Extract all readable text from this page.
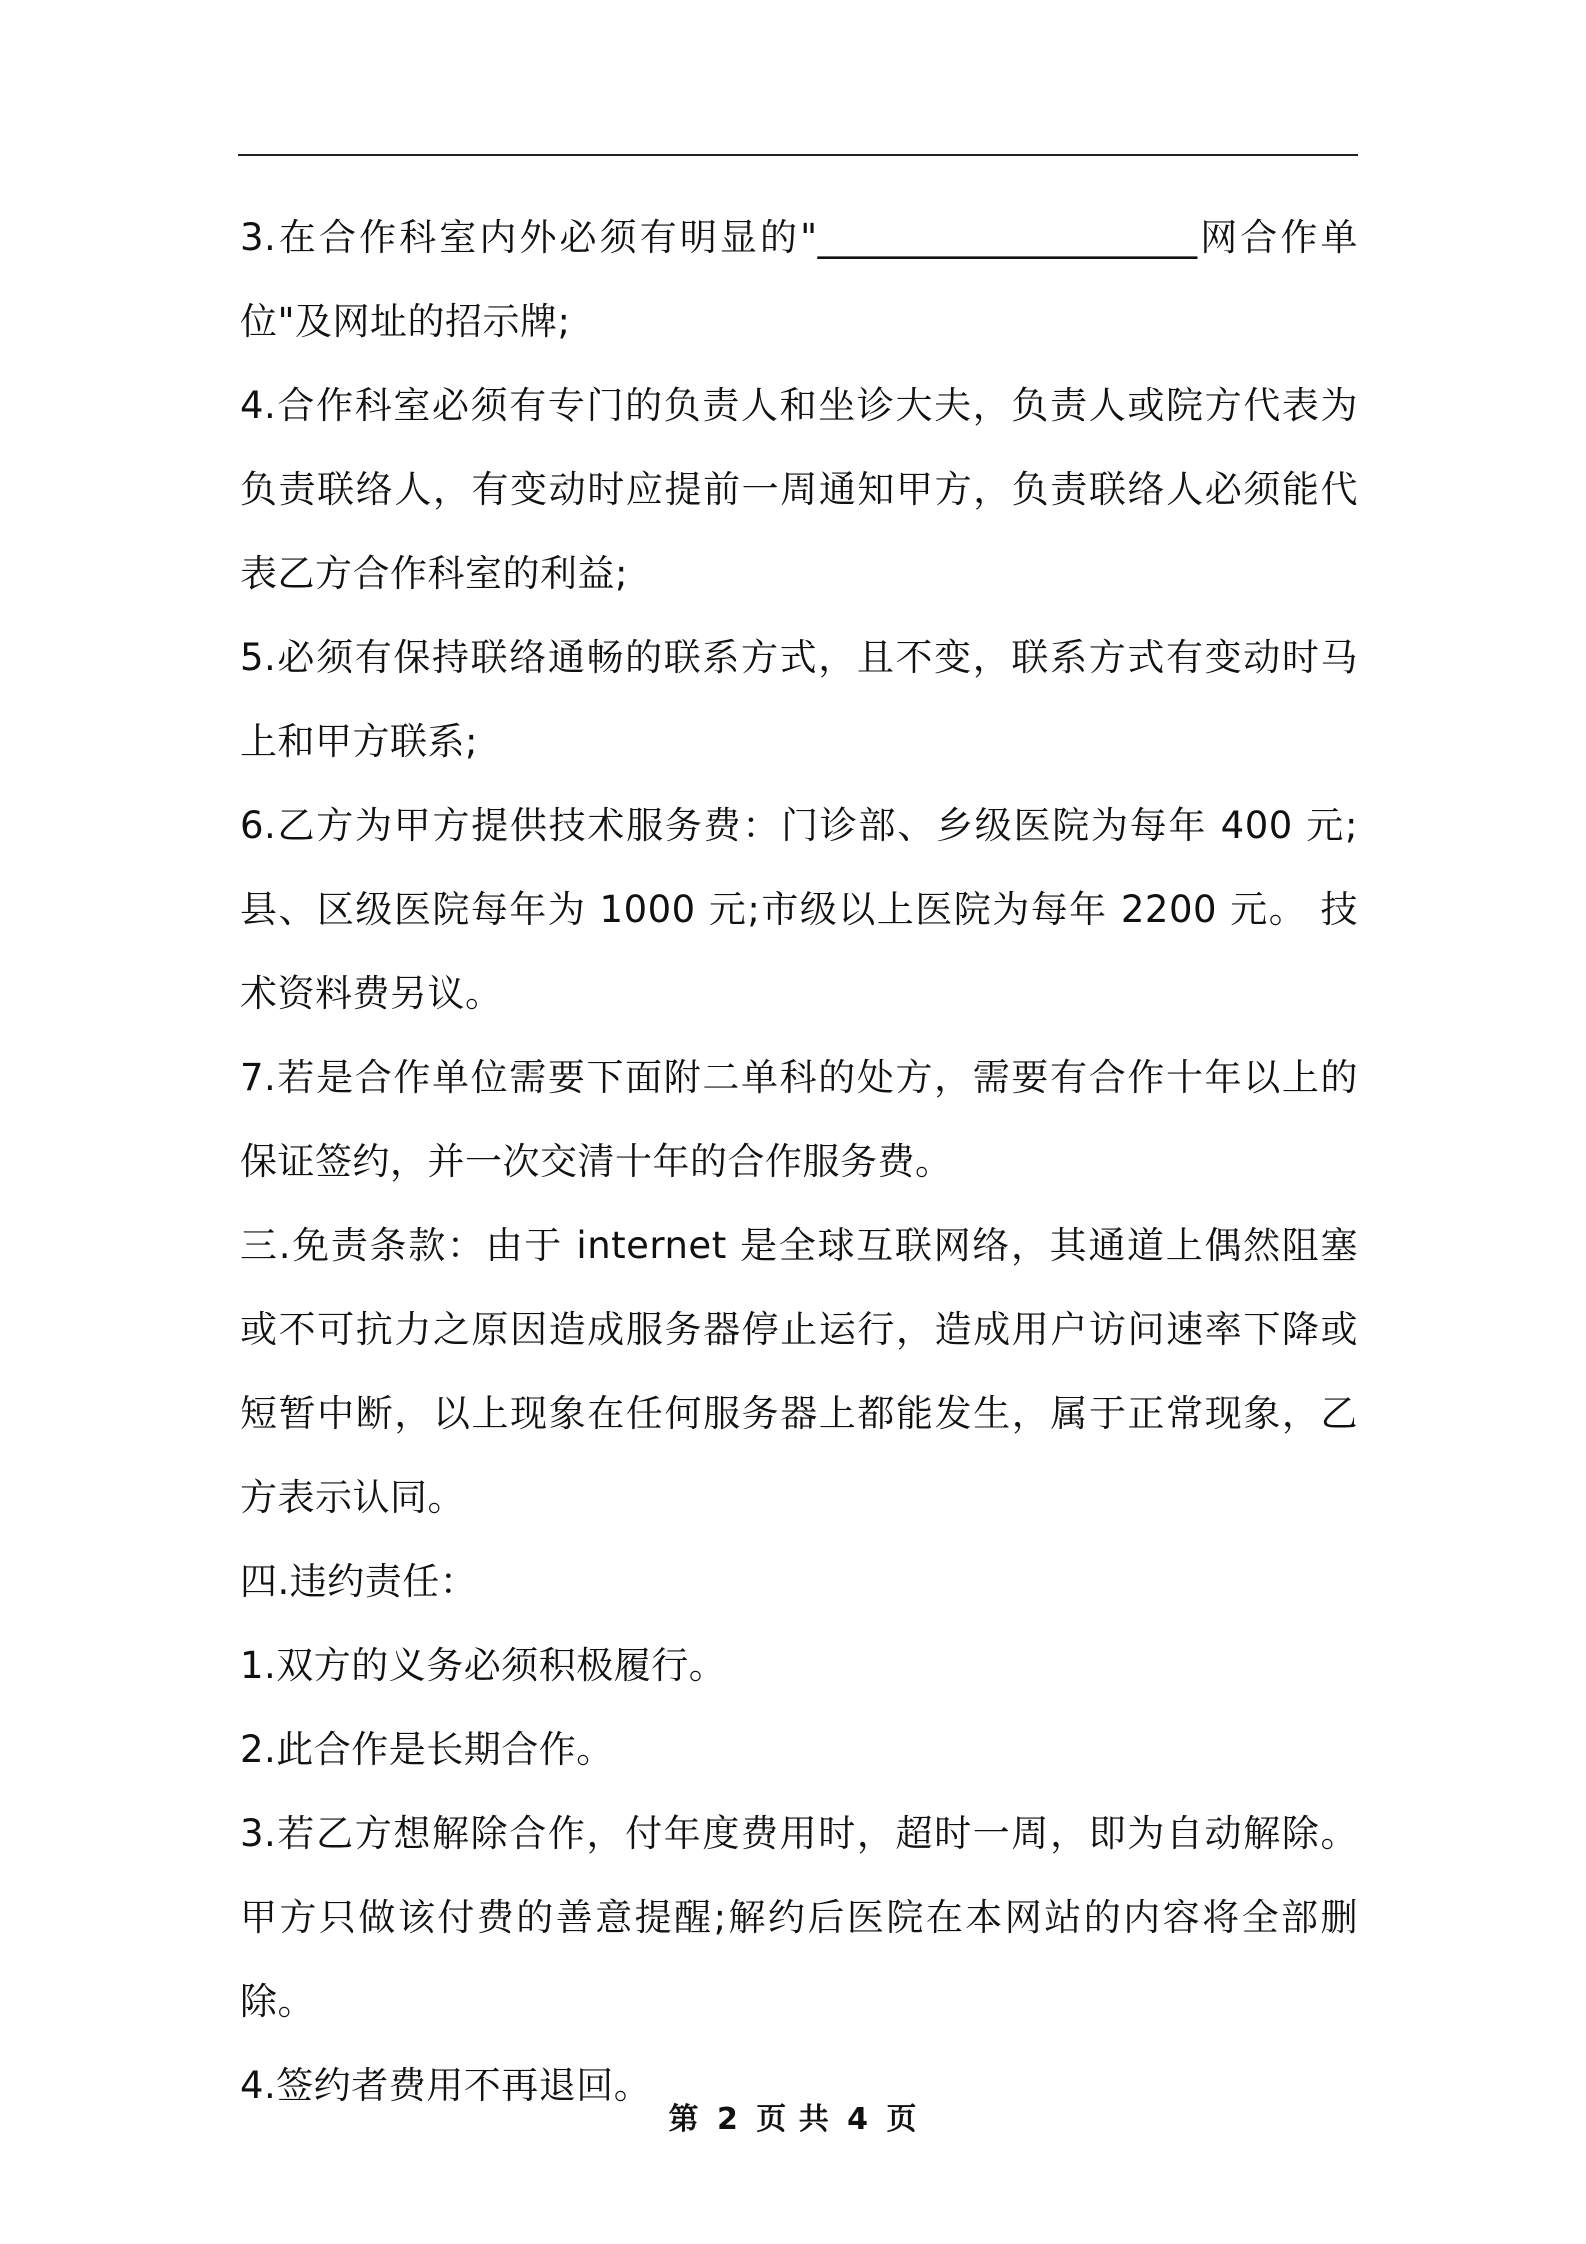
3.在合作科室内外必须有明显的"____________________网合作单位"及网址的招示牌;

4.合作科室必须有专门的负责人和坐诊大夫，负责人或院方代表为负责联络人，有变动时应提前一周通知甲方，负责联络人必须能代表乙方合作科室的利益;

5.必须有保持联络通畅的联系方式，且不变，联系方式有变动时马上和甲方联系;

6.乙方为甲方提供技术服务费：门诊部、乡级医院为每年 400 元;县、区级医院每年为 1000 元;市级以上医院为每年 2200 元。 技术资料费另议。

7.若是合作单位需要下面附二单科的处方，需要有合作十年以上的保证签约，并一次交清十年的合作服务费。

三.免责条款：由于 internet 是全球互联网络，其通道上偶然阻塞或不可抗力之原因造成服务器停止运行，造成用户访问速率下降或短暂中断，以上现象在任何服务器上都能发生，属于正常现象，乙方表示认同。

四.违约责任：

1.双方的义务必须积极履行。

2.此合作是长期合作。

3.若乙方想解除合作，付年度费用时，超时一周，即为自动解除。甲方只做该付费的善意提醒;解约后医院在本网站的内容将全部删除。

4.签约者费用不再退回。

第 2 页 共 4 页
